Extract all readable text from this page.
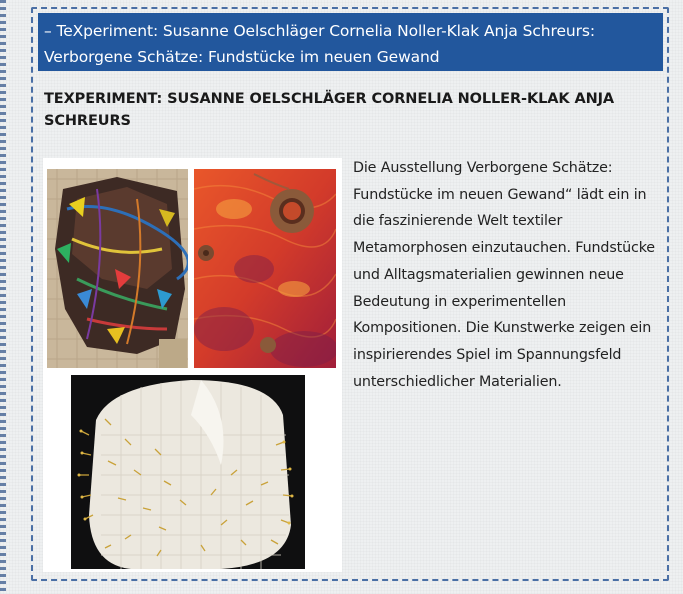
– TeXperiment: Susanne Oelschläger Cornelia Noller-Klak Anja Schreurs: Verborgene Schätze: Fundstücke im neuen Gewand
TEXPERIMENT: SUSANNE OELSCHLÄGER CORNELIA NOLLER-KLAK ANJA SCHREURS

Die Ausstellung Verborgene Schätze: Fundstücke im neuen Gewand“ lädt ein in die faszinierende Welt textiler Metamorphosen einzutauchen. Fundstücke und Alltagsmaterialien gewinnen neue Bedeutung in experimentellen Kompositionen. Die Kunstwerke zeigen ein inspirierendes Spiel im Spannungsfeld unterschiedlicher Materialien.
